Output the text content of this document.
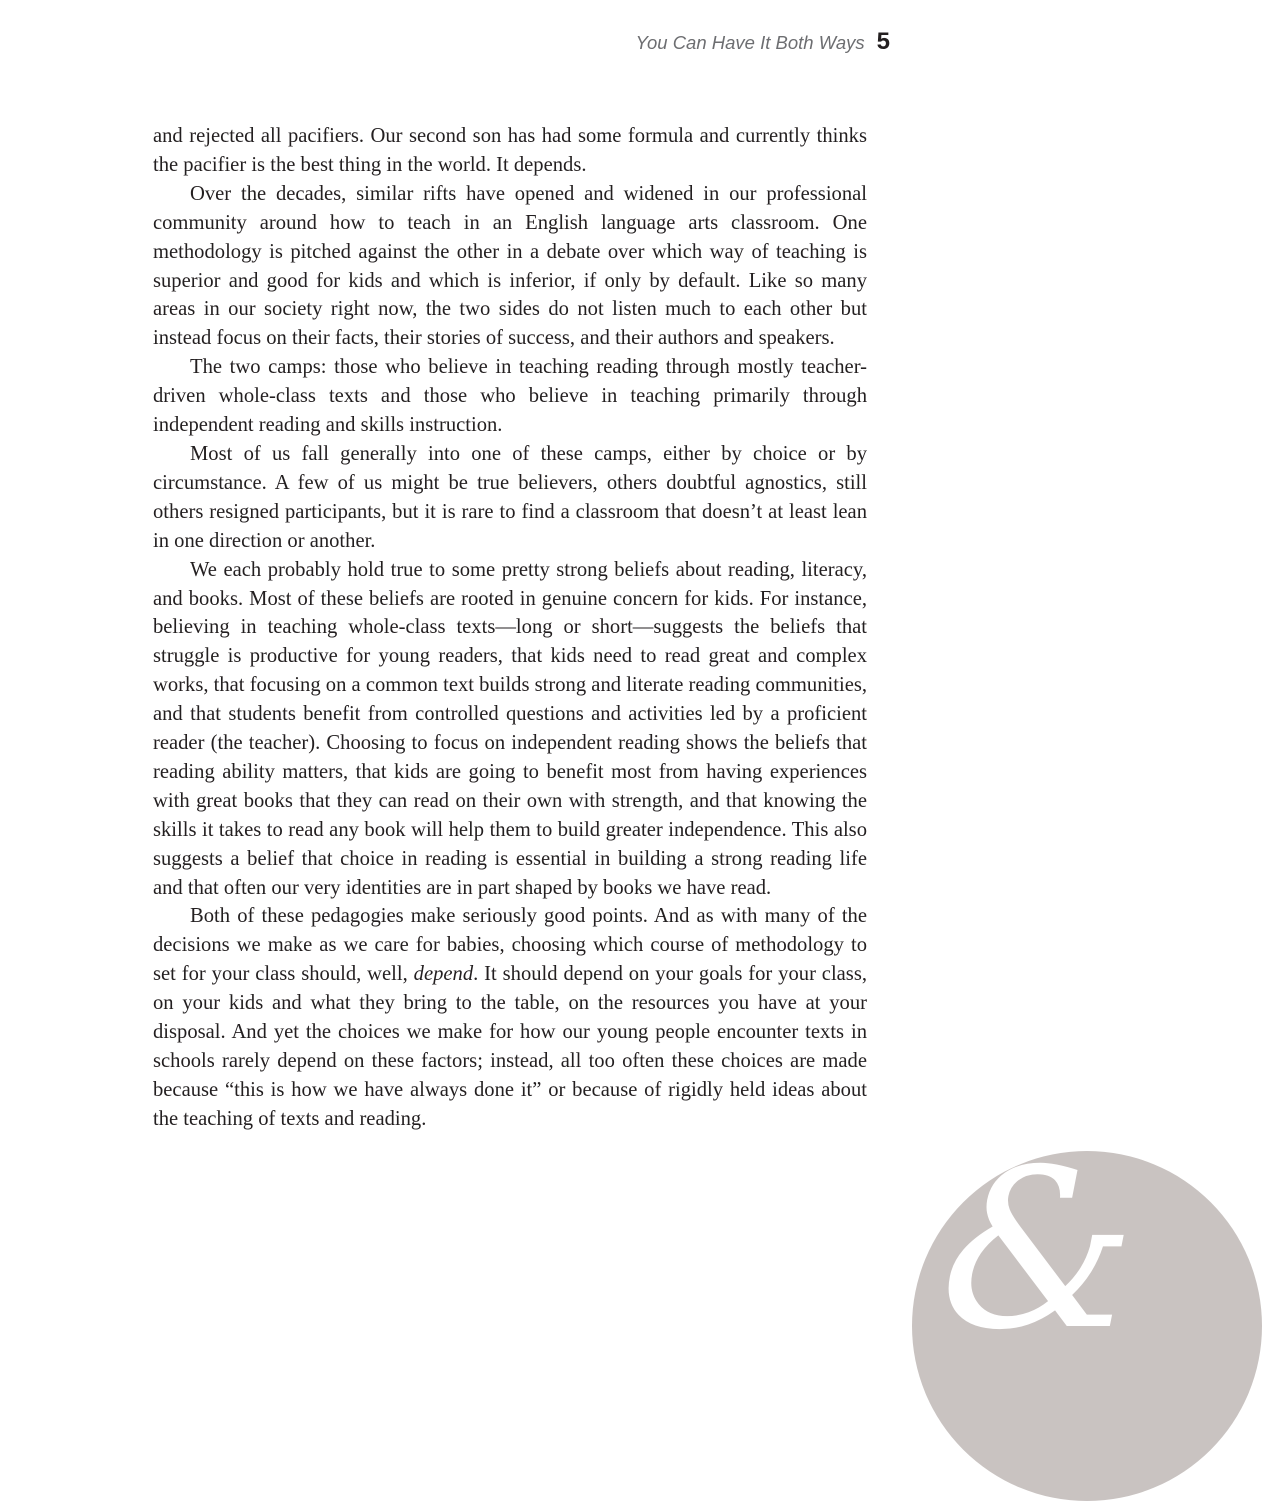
You Can Have It Both Ways 5

and rejected all pacifiers. Our second son has had some formula and currently thinks the pacifier is the best thing in the world. It depends.

Over the decades, similar rifts have opened and widened in our professional community around how to teach in an English language arts classroom. One methodology is pitched against the other in a debate over which way of teaching is superior and good for kids and which is inferior, if only by default. Like so many areas in our society right now, the two sides do not listen much to each other but instead focus on their facts, their stories of success, and their authors and speakers.

The two camps: those who believe in teaching reading through mostly teacher-driven whole-class texts and those who believe in teaching primarily through independent reading and skills instruction.

Most of us fall generally into one of these camps, either by choice or by circumstance. A few of us might be true believers, others doubtful agnostics, still others resigned participants, but it is rare to find a classroom that doesn’t at least lean in one direction or another.

We each probably hold true to some pretty strong beliefs about reading, literacy, and books. Most of these beliefs are rooted in genuine concern for kids. For instance, believing in teaching whole-class texts—long or short—suggests the beliefs that struggle is productive for young readers, that kids need to read great and complex works, that focusing on a common text builds strong and literate reading communities, and that students benefit from controlled questions and activities led by a proficient reader (the teacher). Choosing to focus on independent reading shows the beliefs that reading ability matters, that kids are going to benefit most from having experiences with great books that they can read on their own with strength, and that knowing the skills it takes to read any book will help them to build greater independence. This also suggests a belief that choice in reading is essential in building a strong reading life and that often our very identities are in part shaped by books we have read.

Both of these pedagogies make seriously good points. And as with many of the decisions we make as we care for babies, choosing which course of methodology to set for your class should, well, depend. It should depend on your goals for your class, on your kids and what they bring to the table, on the resources you have at your disposal. And yet the choices we make for how our young people encounter texts in schools rarely depend on these factors; instead, all too often these choices are made because “this is how we have always done it” or because of rigidly held ideas about the teaching of texts and reading.

&
